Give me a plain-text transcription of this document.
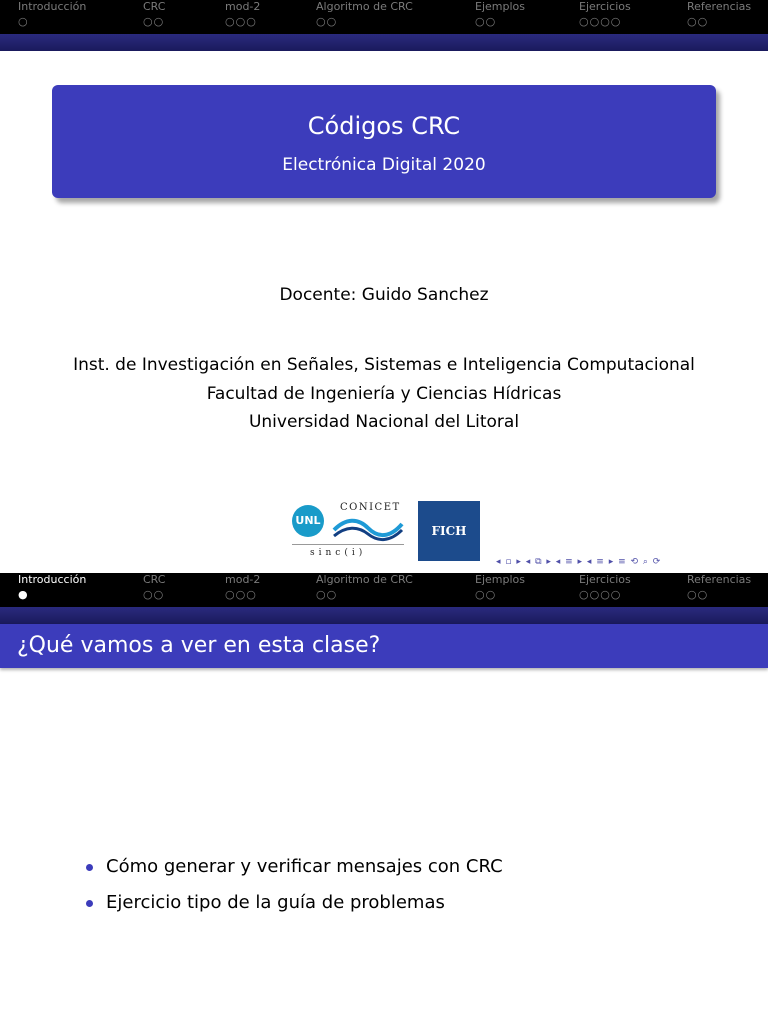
Introducción
○
CRC
○○
mod-2
○○○
Algoritmo de CRC
○○
Ejemplos
○○
Ejercicios
○○○○
Referencias
○○
Códigos CRC
Electrónica Digital 2020
Docente: Guido Sanchez
Inst. de Investigación en Señales, Sistemas e Inteligencia Computacional
Facultad de Ingeniería y Ciencias Hídricas
Universidad Nacional del Litoral
UNL
CONICET
sinc(i)
FICH
◂ ▫ ▸ ◂ ⧉ ▸ ◂ ≡ ▸ ◂ ≡ ▸ ≡ ⟲ ⌕ ⟳
Introducción
●
CRC
○○
mod-2
○○○
Algoritmo de CRC
○○
Ejemplos
○○
Ejercicios
○○○○
Referencias
○○
¿Qué vamos a ver en esta clase?
Cómo generar y verificar mensajes con CRC
Ejercicio tipo de la guía de problemas
